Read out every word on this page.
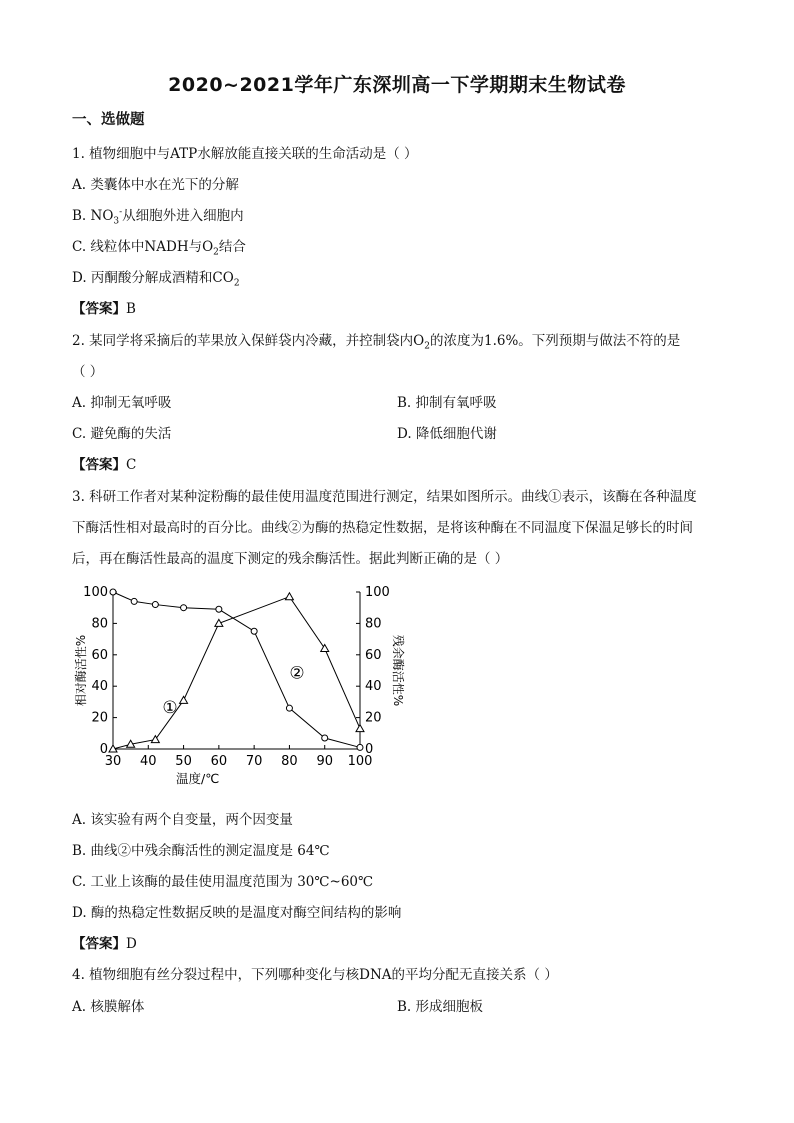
2020~2021学年广东深圳高一下学期期末生物试卷
一、选做题
1. 植物细胞中与ATP水解放能直接关联的生命活动是（ ）
A. 类囊体中水在光下的分解
B. $NO_3^-$从细胞外进入细胞内
C. 线粒体中NADH与$O_2$结合
D. 丙酮酸分解成酒精和$CO_2$
【答案】B
2. 某同学将采摘后的苹果放入保鲜袋内冷藏，并控制袋内$O_2$的浓度为1.6%。下列预期与做法不符的是
（ ）
A. 抑制无氧呼吸	B. 抑制有氧呼吸
C. 避免酶的失活	D. 降低细胞代谢
【答案】C
3. 科研工作者对某种淀粉酶的最佳使用温度范围进行测定，结果如图所示。曲线①表示，该酶在各种温度
下酶活性相对最高时的百分比。曲线②为酶的热稳定性数据，是将该种酶在不同温度下保温足够长的时间
后，再在酶活性最高的温度下测定的残余酶活性。据此判断正确的是（ ）
30 40 50 60 70 80 90 100
0
20
40
60
80
100
0
20
40
60
80
100
①
②
相对酶活性%	残余酶活性%
温度/℃
A. 该实验有两个自变量，两个因变量
B. 曲线②中残余酶活性的测定温度是 64℃
C. 工业上该酶的最佳使用温度范围为 30℃~60℃
D. 酶的热稳定性数据反映的是温度对酶空间结构的影响
【答案】D
4. 植物细胞有丝分裂过程中，下列哪种变化与核DNA的平均分配无直接关系（ ）
A. 核膜解体	B. 形成细胞板
